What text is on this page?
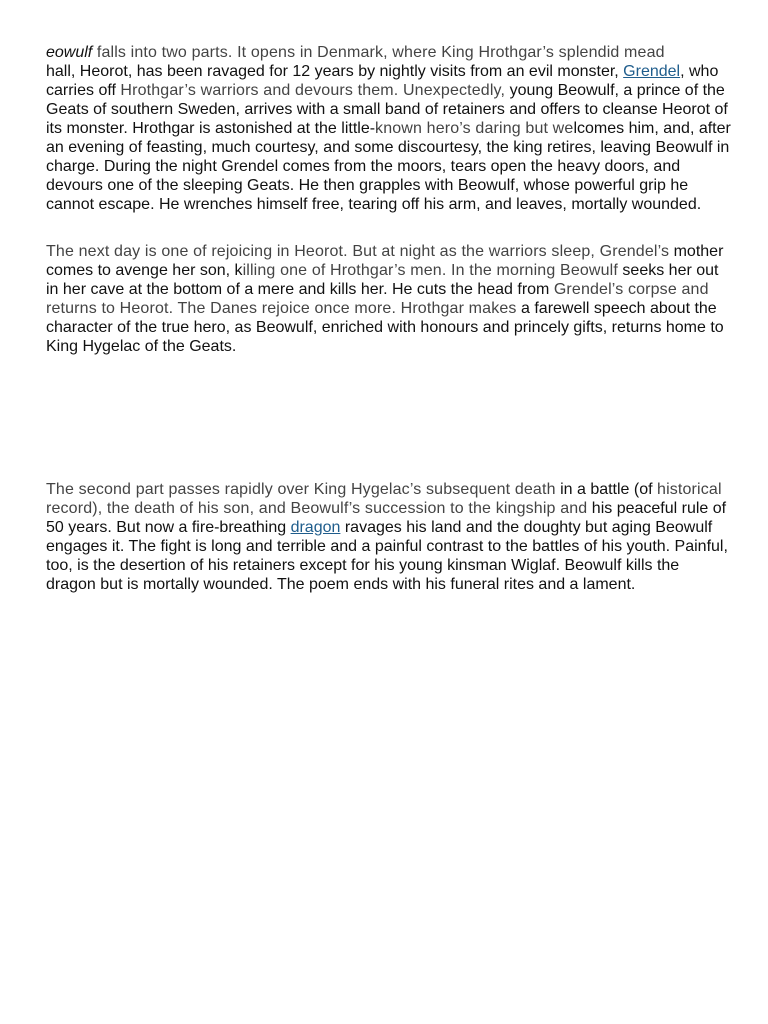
eowulf falls into two parts. It opens in Denmark, where King Hrothgar’s splendid mead
hall, Heorot, has been ravaged for 12 years by nightly visits from an evil monster, Grendel, who carries off Hrothgar’s warriors and devours them. Unexpectedly, young Beowulf, a prince of the Geats of southern Sweden, arrives with a small band of retainers and offers to cleanse Heorot of its monster. Hrothgar is astonished at the little-known hero’s daring but welcomes him, and, after an evening of feasting, much courtesy, and some discourtesy, the king retires, leaving Beowulf in charge. During the night Grendel comes from the moors, tears open the heavy doors, and devours one of the sleeping Geats. He then grapples with Beowulf, whose powerful grip he cannot escape. He wrenches himself free, tearing off his arm, and leaves, mortally wounded.

The next day is one of rejoicing in Heorot. But at night as the warriors sleep, Grendel’s mother comes to avenge her son, killing one of Hrothgar’s men. In the morning Beowulf seeks her out in her cave at the bottom of a mere and kills her. He cuts the head from Grendel’s corpse and returns to Heorot. The Danes rejoice once more. Hrothgar makes a farewell speech about the character of the true hero, as Beowulf, enriched with honours and princely gifts, returns home to King Hygelac of the Geats.

The second part passes rapidly over King Hygelac’s subsequent death in a battle (of historical record), the death of his son, and Beowulf’s succession to the kingship and his peaceful rule of 50 years. But now a fire-breathing dragon ravages his land and the doughty but aging Beowulf engages it. The fight is long and terrible and a painful contrast to the battles of his youth. Painful, too, is the desertion of his retainers except for his young kinsman Wiglaf. Beowulf kills the dragon but is mortally wounded. The poem ends with his funeral rites and a lament.
